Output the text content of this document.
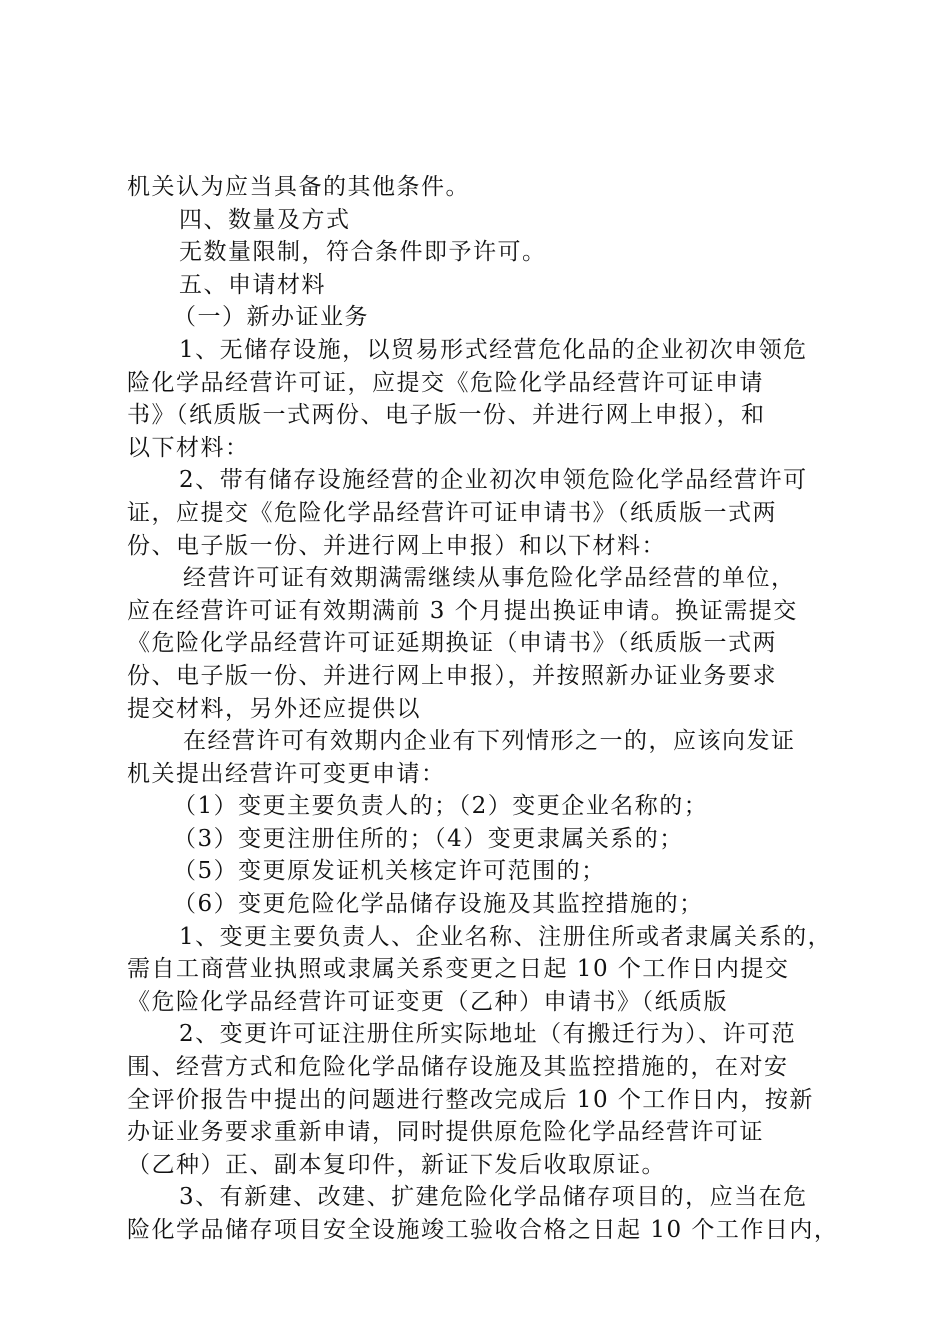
机关认为应当具备的其他条件。
四、数量及方式
无数量限制，符合条件即予许可。
五、申请材料
（一）新办证业务
1、无储存设施，以贸易形式经营危化品的企业初次申领危
险化学品经营许可证，应提交《危险化学品经营许可证申请
书》（纸质版一式两份、电子版一份、并进行网上申报），和
以下材料：
2、带有储存设施经营的企业初次申领危险化学品经营许可
证，应提交《危险化学品经营许可证申请书》（纸质版一式两
份、电子版一份、并进行网上申报）和以下材料：
经营许可证有效期满需继续从事危险化学品经营的单位，
应在经营许可证有效期满前 3 个月提出换证申请。换证需提交
《危险化学品经营许可证延期换证（申请书》（纸质版一式两
份、电子版一份、并进行网上申报），并按照新办证业务要求
提交材料，另外还应提供以
在经营许可有效期内企业有下列情形之一的，应该向发证
机关提出经营许可变更申请：
（1）变更主要负责人的；（2）变更企业名称的；
（3）变更注册住所的；（4）变更隶属关系的；
（5）变更原发证机关核定许可范围的；
（6）变更危险化学品储存设施及其监控措施的；
1、变更主要负责人、企业名称、注册住所或者隶属关系的，
需自工商营业执照或隶属关系变更之日起 10 个工作日内提交
《危险化学品经营许可证变更（乙种）申请书》（纸质版
2、变更许可证注册住所实际地址（有搬迁行为）、许可范
围、经营方式和危险化学品储存设施及其监控措施的，在对安
全评价报告中提出的问题进行整改完成后 10 个工作日内，按新
办证业务要求重新申请，同时提供原危险化学品经营许可证
（乙种）正、副本复印件，新证下发后收取原证。
3、有新建、改建、扩建危险化学品储存项目的，应当在危
险化学品储存项目安全设施竣工验收合格之日起 10 个工作日内，
